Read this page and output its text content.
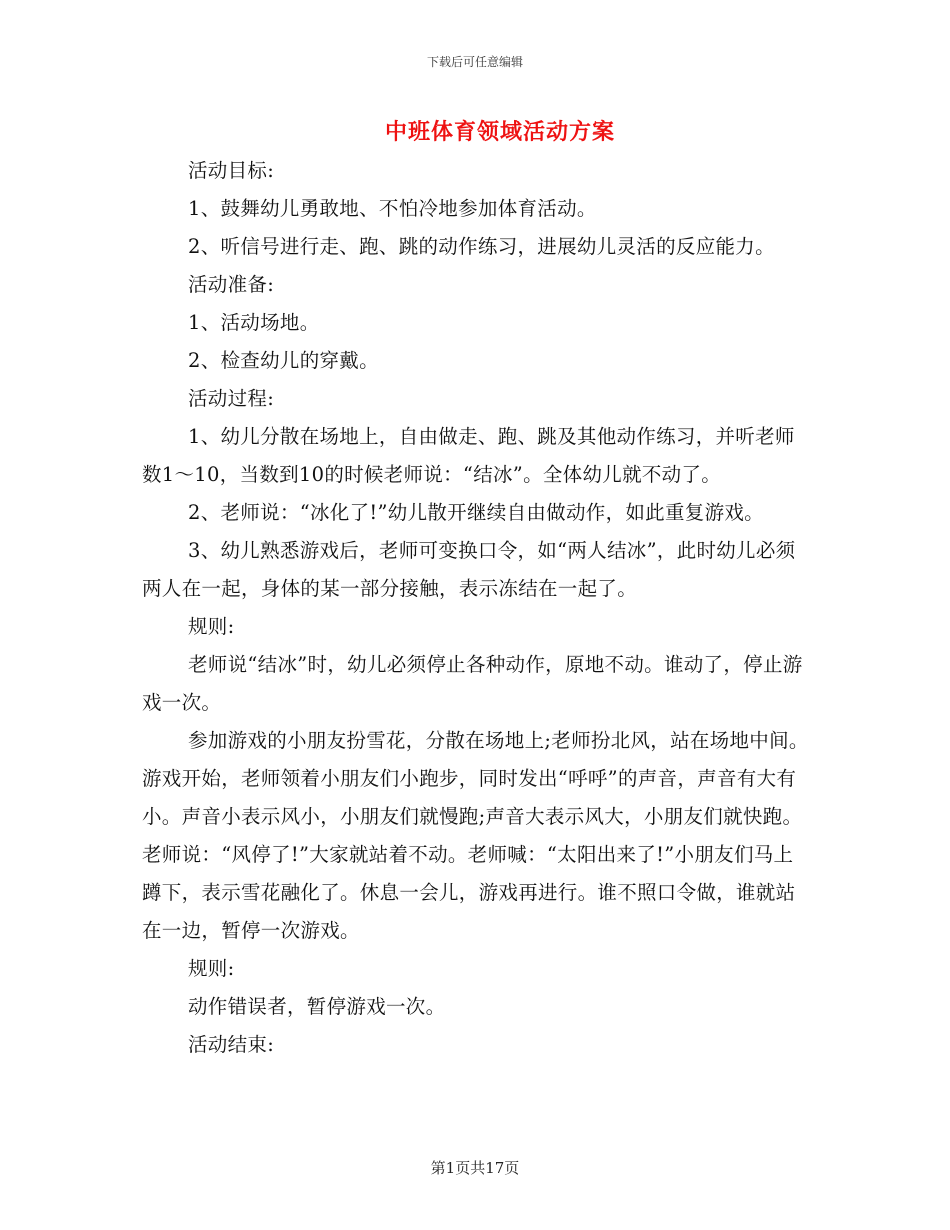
下载后可任意编辑
中班体育领域活动方案

活动目标:

1、鼓舞幼儿勇敢地、不怕冷地参加体育活动。

2、听信号进行走、跑、跳的动作练习，进展幼儿灵活的反应能力。

活动准备:

1、活动场地。

2、检查幼儿的穿戴。

活动过程:

1、幼儿分散在场地上，自由做走、跑、跳及其他动作练习，并听老师数1～10，当数到10的时候老师说：“结冰”。全体幼儿就不动了。

2、老师说：“冰化了!”幼儿散开继续自由做动作，如此重复游戏。

3、幼儿熟悉游戏后，老师可变换口令，如“两人结冰”，此时幼儿必须两人在一起，身体的某一部分接触，表示冻结在一起了。

规则:

老师说“结冰”时，幼儿必须停止各种动作，原地不动。谁动了，停止游戏一次。

参加游戏的小朋友扮雪花，分散在场地上;老师扮北风，站在场地中间。游戏开始，老师领着小朋友们小跑步，同时发出“呼呼”的声音，声音有大有小。声音小表示风小，小朋友们就慢跑;声音大表示风大，小朋友们就快跑。老师说：“风停了!”大家就站着不动。老师喊：“太阳出来了!”小朋友们马上蹲下，表示雪花融化了。休息一会儿，游戏再进行。谁不照口令做，谁就站在一边，暂停一次游戏。

规则:

动作错误者，暂停游戏一次。

活动结束:

第1页共17页
